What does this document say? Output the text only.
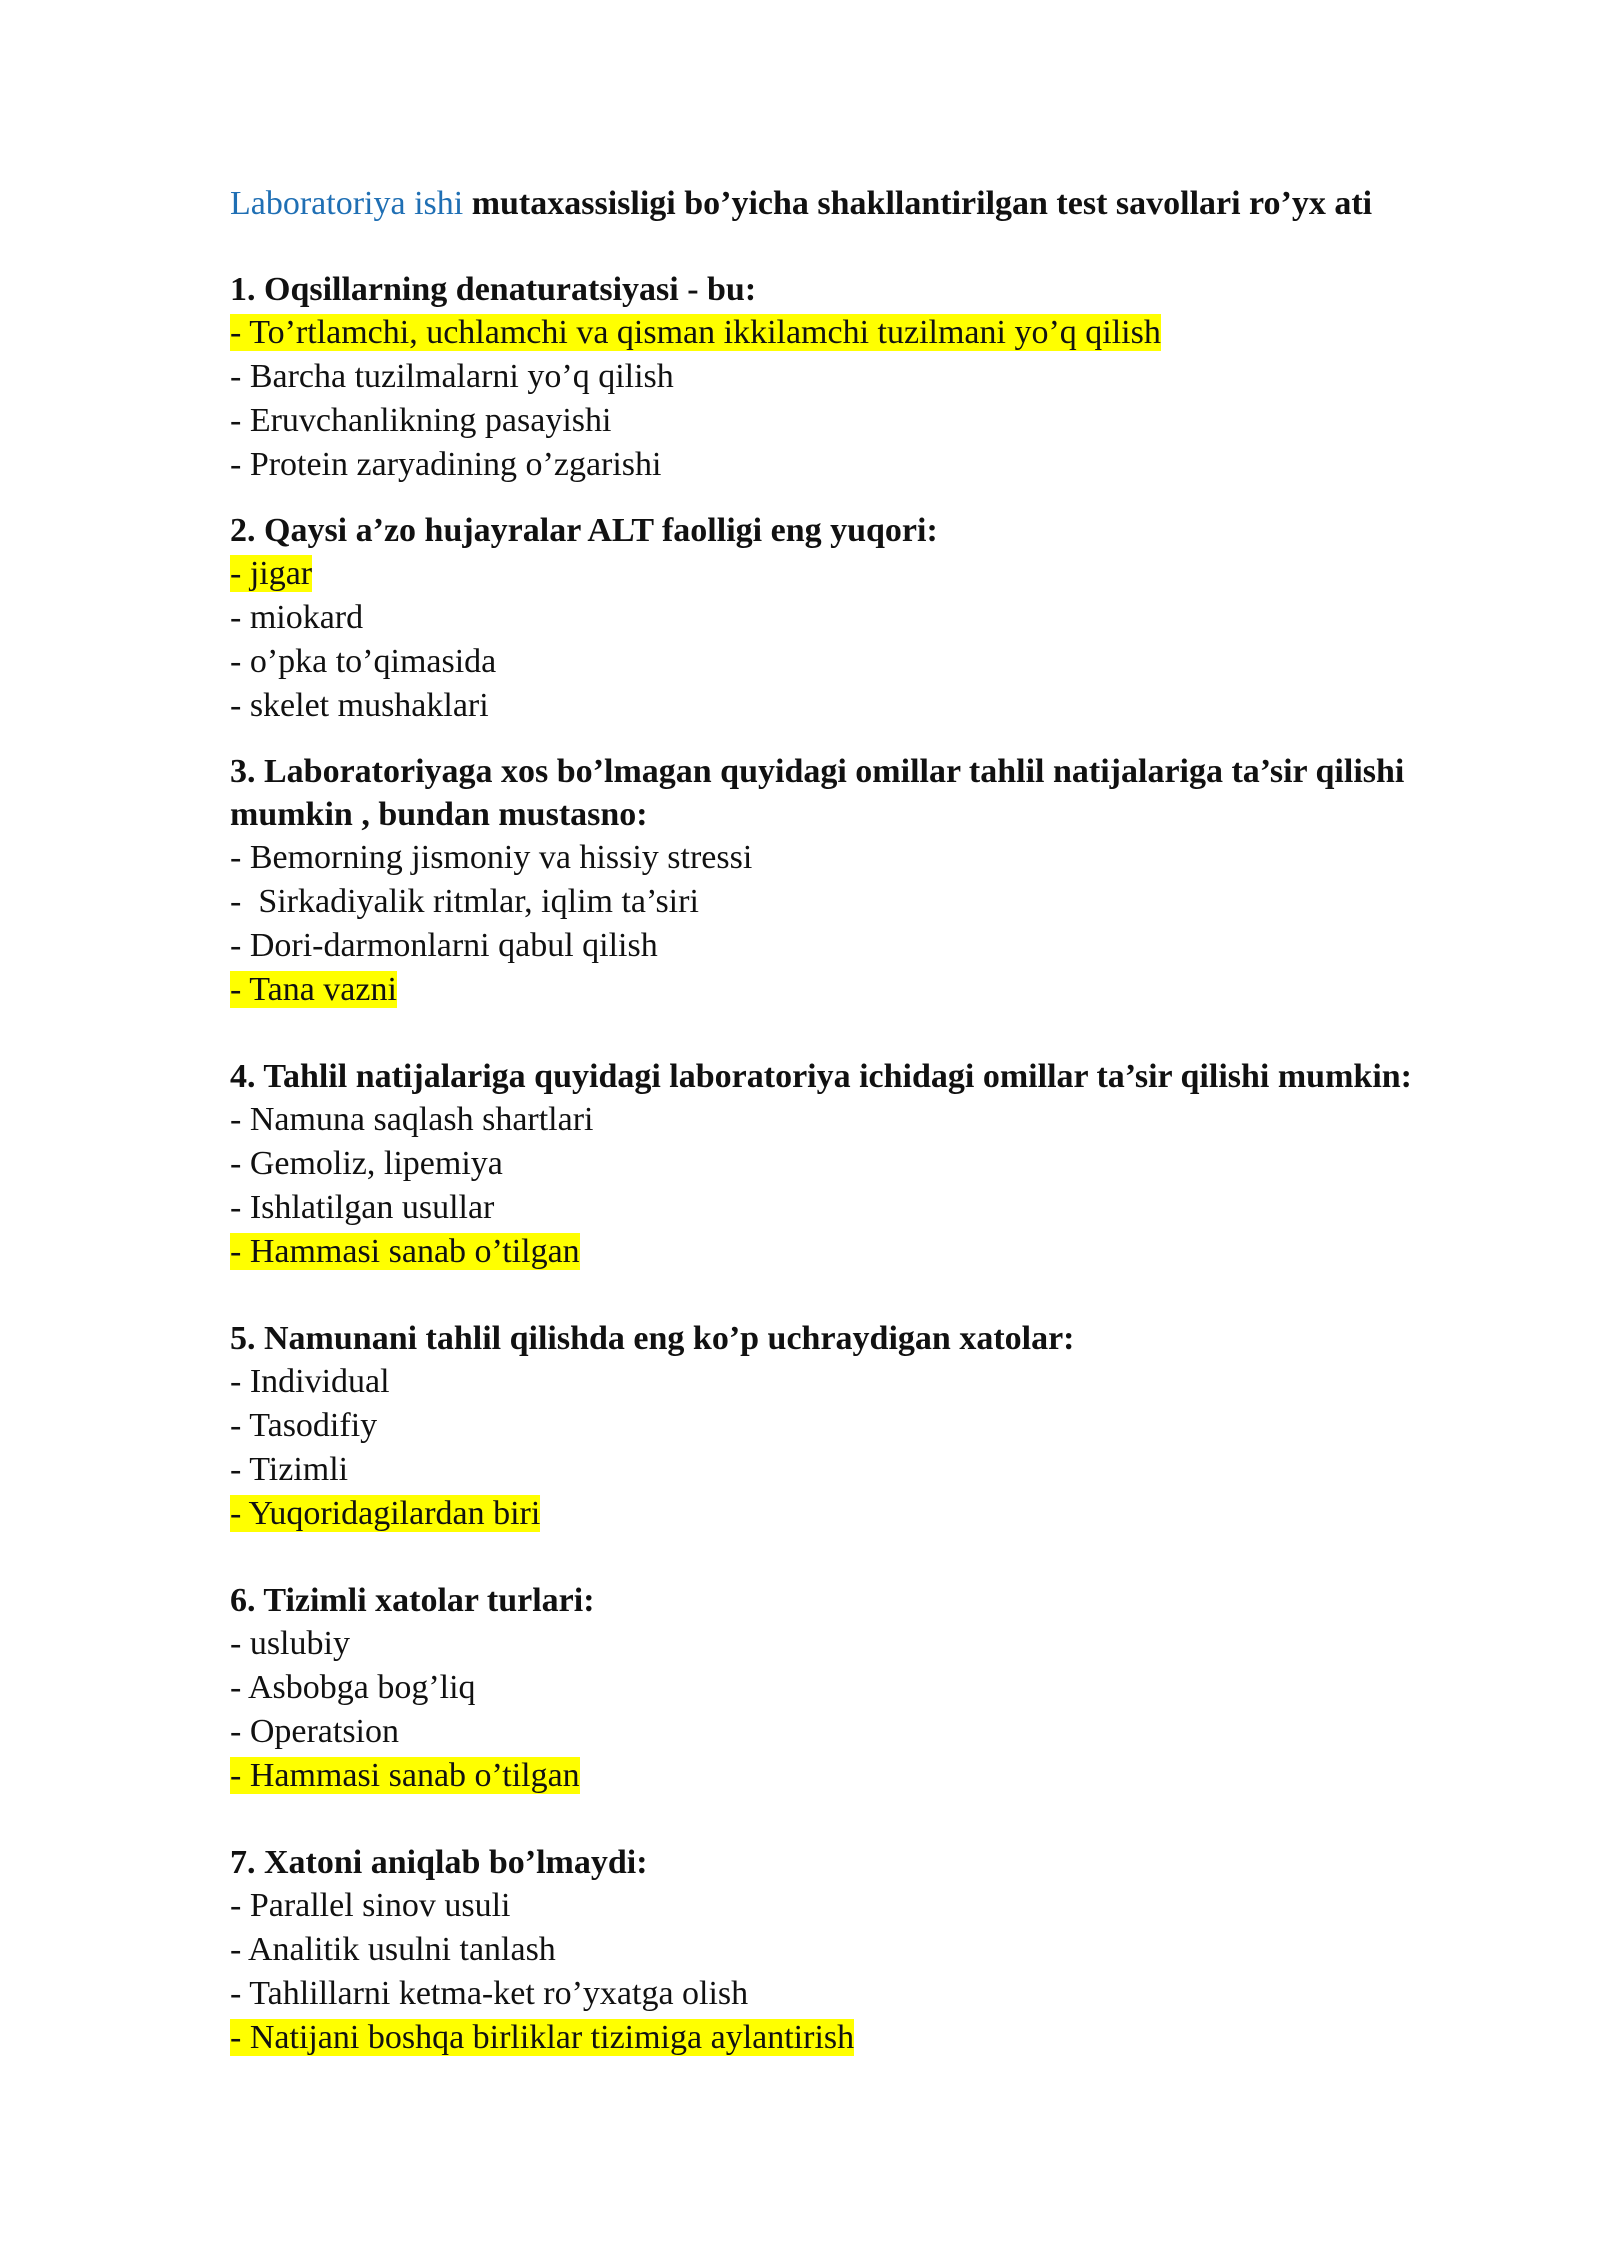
Laboratoriya ishi mutaxassisligi bo’yicha shakllantirilgan test savollari ro’yx ati

1. Oqsillarning denaturatsiyasi - bu:

- To’rtlamchi, uchlamchi va qisman ikkilamchi tuzilmani yo’q qilish
- Barcha tuzilmalarni yo’q qilish
- Eruvchanlikning pasayishi
- Protein zaryadining o’zgarishi

2. Qaysi a’zo hujayralar ALT faolligi eng yuqori:

- jigar
- miokard
- o’pka to’qimasida
- skelet mushaklari

3. Laboratoriyaga xos bo’lmagan quyidagi omillar tahlil natijalariga ta’sir qilishi mumkin , bundan mustasno:

- Bemorning jismoniy va hissiy stressi
-  Sirkadiyalik ritmlar, iqlim ta’siri
- Dori-darmonlarni qabul qilish
- Tana vazni

4. Tahlil natijalariga quyidagi laboratoriya ichidagi omillar ta’sir qilishi mumkin:

- Namuna saqlash shartlari
- Gemoliz, lipemiya
- Ishlatilgan usullar
- Hammasi sanab o’tilgan

5. Namunani tahlil qilishda eng ko’p uchraydigan xatolar:

- Individual
- Tasodifiy
- Tizimli
- Yuqoridagilardan biri

6. Tizimli xatolar turlari:

- uslubiy
- Asbobga bog’liq
- Operatsion
- Hammasi sanab o’tilgan

7. Xatoni aniqlab bo’lmaydi:

- Parallel sinov usuli
- Analitik usulni tanlash
- Tahlillarni ketma-ket ro’yxatga olish
- Natijani boshqa birliklar tizimiga aylantirish
